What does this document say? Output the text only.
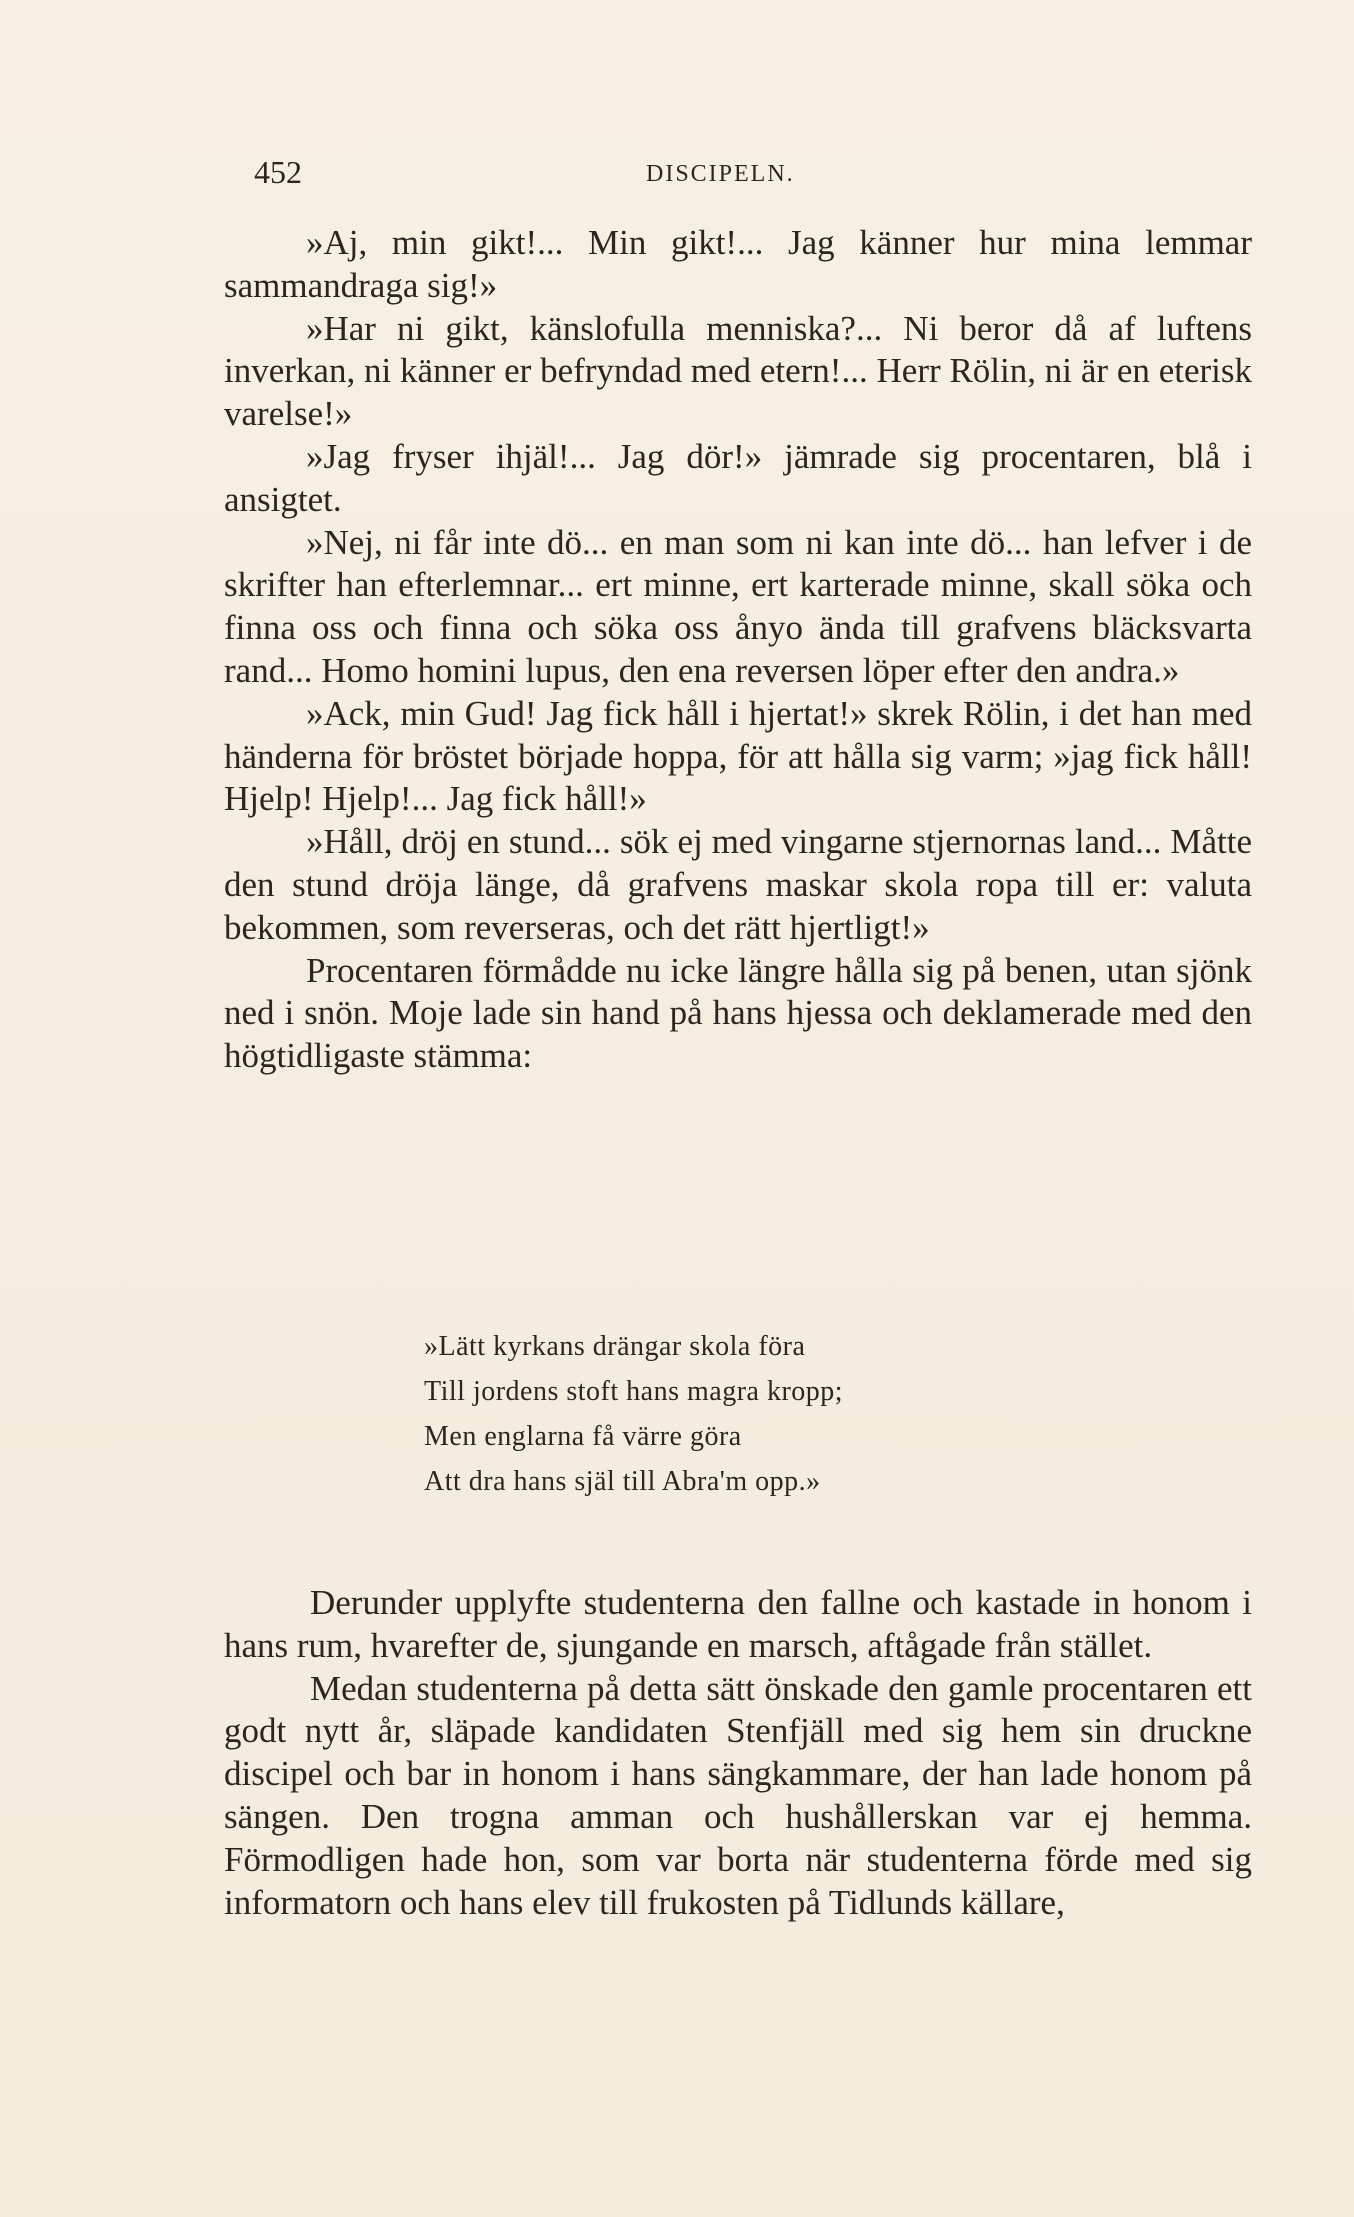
452	DISCIPELN.

»Aj, min gikt!... Min gikt!... Jag känner hur mina lemmar sammandraga sig!»

»Har ni gikt, känslofulla menniska?... Ni beror då af luftens inverkan, ni känner er befryndad med etern!... Herr Rölin, ni är en eterisk varelse!»

»Jag fryser ihjäl!... Jag dör!» jämrade sig procentaren, blå i ansigtet.

»Nej, ni får inte dö... en man som ni kan inte dö... han lefver i de skrifter han efterlemnar... ert minne, ert karterade minne, skall söka och finna oss och finna och söka oss ånyo ända till grafvens bläcksvarta rand... Homo homini lupus, den ena reversen löper efter den andra.»

»Ack, min Gud! Jag fick håll i hjertat!» skrek Rölin, i det han med händerna för bröstet började hoppa, för att hålla sig varm; »jag fick håll! Hjelp! Hjelp!... Jag fick håll!»

»Håll, dröj en stund... sök ej med vingarne stjernornas land... Måtte den stund dröja länge, då grafvens maskar skola ropa till er: valuta bekommen, som reverseras, och det rätt hjertligt!»

Procentaren förmådde nu icke längre hålla sig på benen, utan sjönk ned i snön. Moje lade sin hand på hans hjessa och deklamerade med den högtidligaste stämma:

»Lätt kyrkans drängar skola föra
Till jordens stoft hans magra kropp;
Men englarna få värre göra
Att dra hans själ till Abra'm opp.»

Derunder upplyfte studenterna den fallne och kastade in honom i hans rum, hvarefter de, sjungande en marsch, aftågade från stället.

Medan studenterna på detta sätt önskade den gamle procentaren ett godt nytt år, släpade kandidaten Stenfjäll med sig hem sin druckne discipel och bar in honom i hans sängkammare, der han lade honom på sängen. Den trogna amman och hushållerskan var ej hemma. Förmodligen hade hon, som var borta när studenterna förde med sig informatorn och hans elev till frukosten på Tidlunds källare,
